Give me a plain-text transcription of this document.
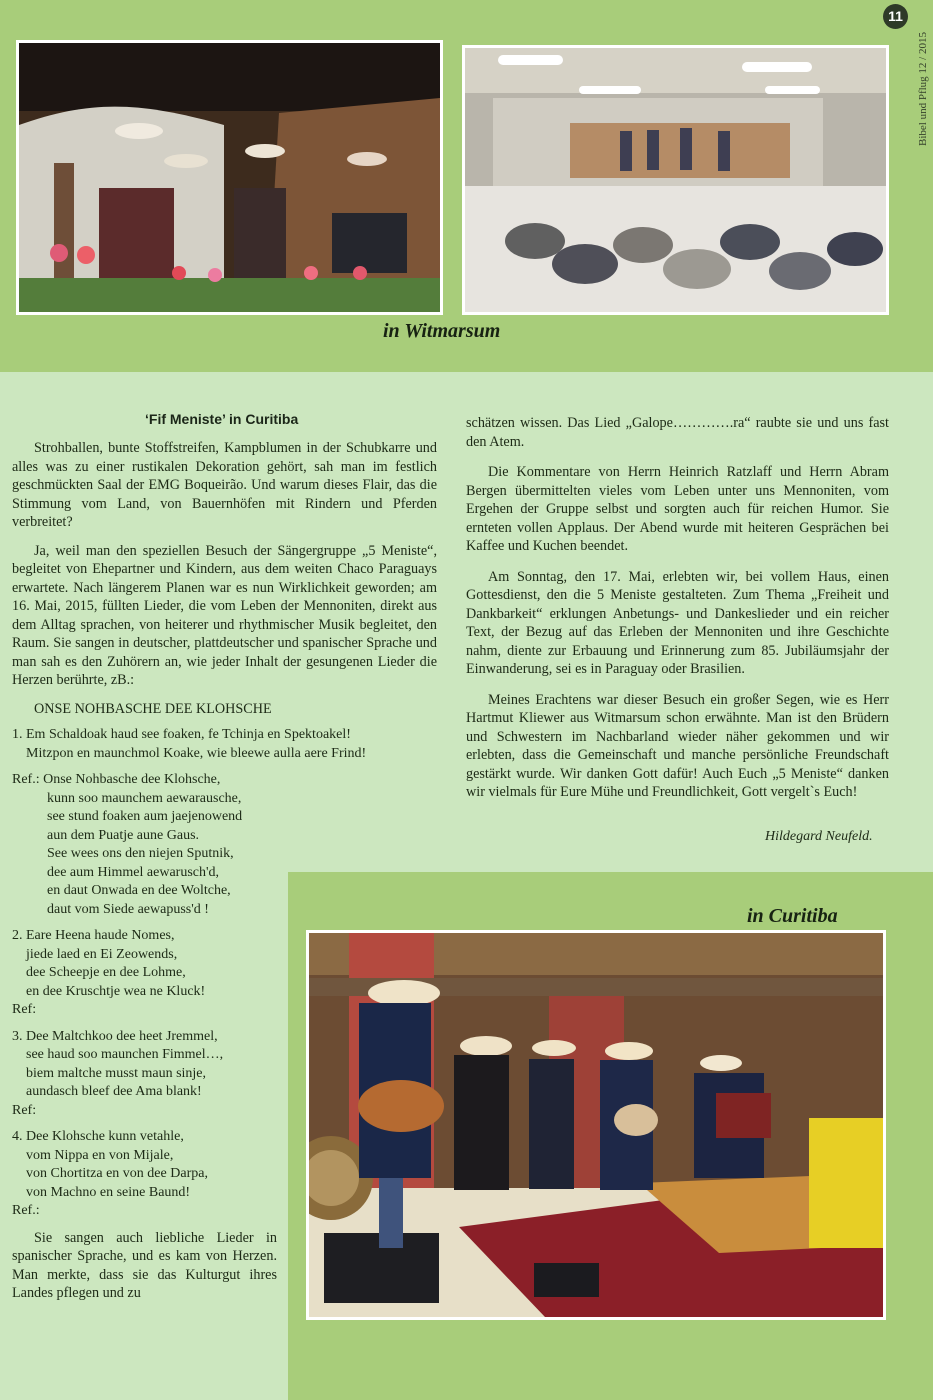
11
Bibel und Pflug 12 / 2015
in Witmarsum
‘Fif Meniste’ in Curitiba

Strohballen, bunte Stoffstreifen, Kampblumen in der Schubkarre und alles was zu einer rustikalen Dekoration gehört, sah man im festlich geschmückten Saal der EMG Boqueirão. Und warum dieses Flair, das die Stimmung vom Land, von Bauernhöfen mit Rindern und Pferden verbreitet?

Ja, weil man den speziellen Besuch der Sängergruppe „5 Meniste“, begleitet von Ehepartner und Kindern, aus dem weiten Chaco Paraguays erwartete. Nach längerem Planen war es nun Wirklichkeit geworden; am 16. Mai, 2015, füllten Lieder, die vom Leben der Mennoniten, direkt aus dem Alltag sprachen, von heiterer und rhythmischer Musik begleitet, den Raum. Sie sangen in deutscher, plattdeutscher und spanischer Sprache und man sah es den Zuhörern an, wie jeder Inhalt der gesungenen Lieder die Herzen berührte, zB.:

ONSE NOHBASCHE DEE KLOHSCHE
1. Em Schaldoak haud see foaken, fe Tchinja en Spektoakel!
Mitzpon en maunchmol Koake, wie bleewe aulla aere Frind!
Ref.: Onse Nohbasche dee Klohsche,
kunn soo maunchem aewarausche,
see stund foaken aum jaejenowend
aun dem Puatje aune Gaus.
See wees ons den niejen Sputnik,
dee aum Himmel aewarusch'd,
en daut Onwada en dee Woltche,
daut vom Siede aewapuss'd !
2. Eare Heena haude Nomes,
jiede laed en Ei Zeowends,
dee Scheepje en dee Lohme,
en dee Kruschtje wea ne Kluck!
Ref:
3. Dee Maltchkoo dee heet Jremmel,
see haud soo maunchen Fimmel…,
biem maltche musst maun sinje,
aundasch bleef dee Ama blank!
Ref:
4. Dee Klohsche kunn vetahle,
vom Nippa en von Mijale,
von Chortitza en von dee Darpa,
von Machno en seine Baund!
Ref.:

Sie sangen auch liebliche Lieder in spanischer Sprache, und es kam von Herzen. Man merkte, dass sie das Kulturgut ihres Landes pflegen und zu

schätzen wissen. Das Lied „Galope………….ra“ raubte sie und uns fast den Atem.

Die Kommentare von Herrn Heinrich Ratzlaff und Herrn Abram Bergen übermittelten vieles vom Leben unter uns Mennoniten, vom Ergehen der Gruppe selbst und sorgten auch für reichen Humor. Sie ernteten vollen Applaus. Der Abend wurde mit heiteren Gesprächen bei Kaffee und Kuchen beendet.

Am Sonntag, den 17. Mai, erlebten wir, bei vollem Haus, einen Gottesdienst, den die 5 Meniste gestalteten. Zum Thema „Freiheit und Dankbarkeit“ erklungen Anbetungs- und Dankeslieder und ein reicher Text, der Bezug auf das Erleben der Mennoniten und ihre Geschichte nahm, diente zur Erbauung und Erinnerung zum 85. Jubiläumsjahr der Einwanderung, sei es in Paraguay oder Brasilien.

Meines Erachtens war dieser Besuch ein großer Segen, wie es Herr Hartmut Kliewer aus Witmarsum schon erwähnte. Man ist den Brüdern und Schwestern im Nachbarland wieder näher gekommen und wir erlebten, dass die Gemeinschaft und manche persönliche Freundschaft gestärkt wurde. Wir danken Gott dafür! Auch Euch „5 Meniste“ danken wir vielmals für Eure Mühe und Freundlichkeit, Gott vergelt`s Euch!

Hildegard Neufeld.
in Curitiba
